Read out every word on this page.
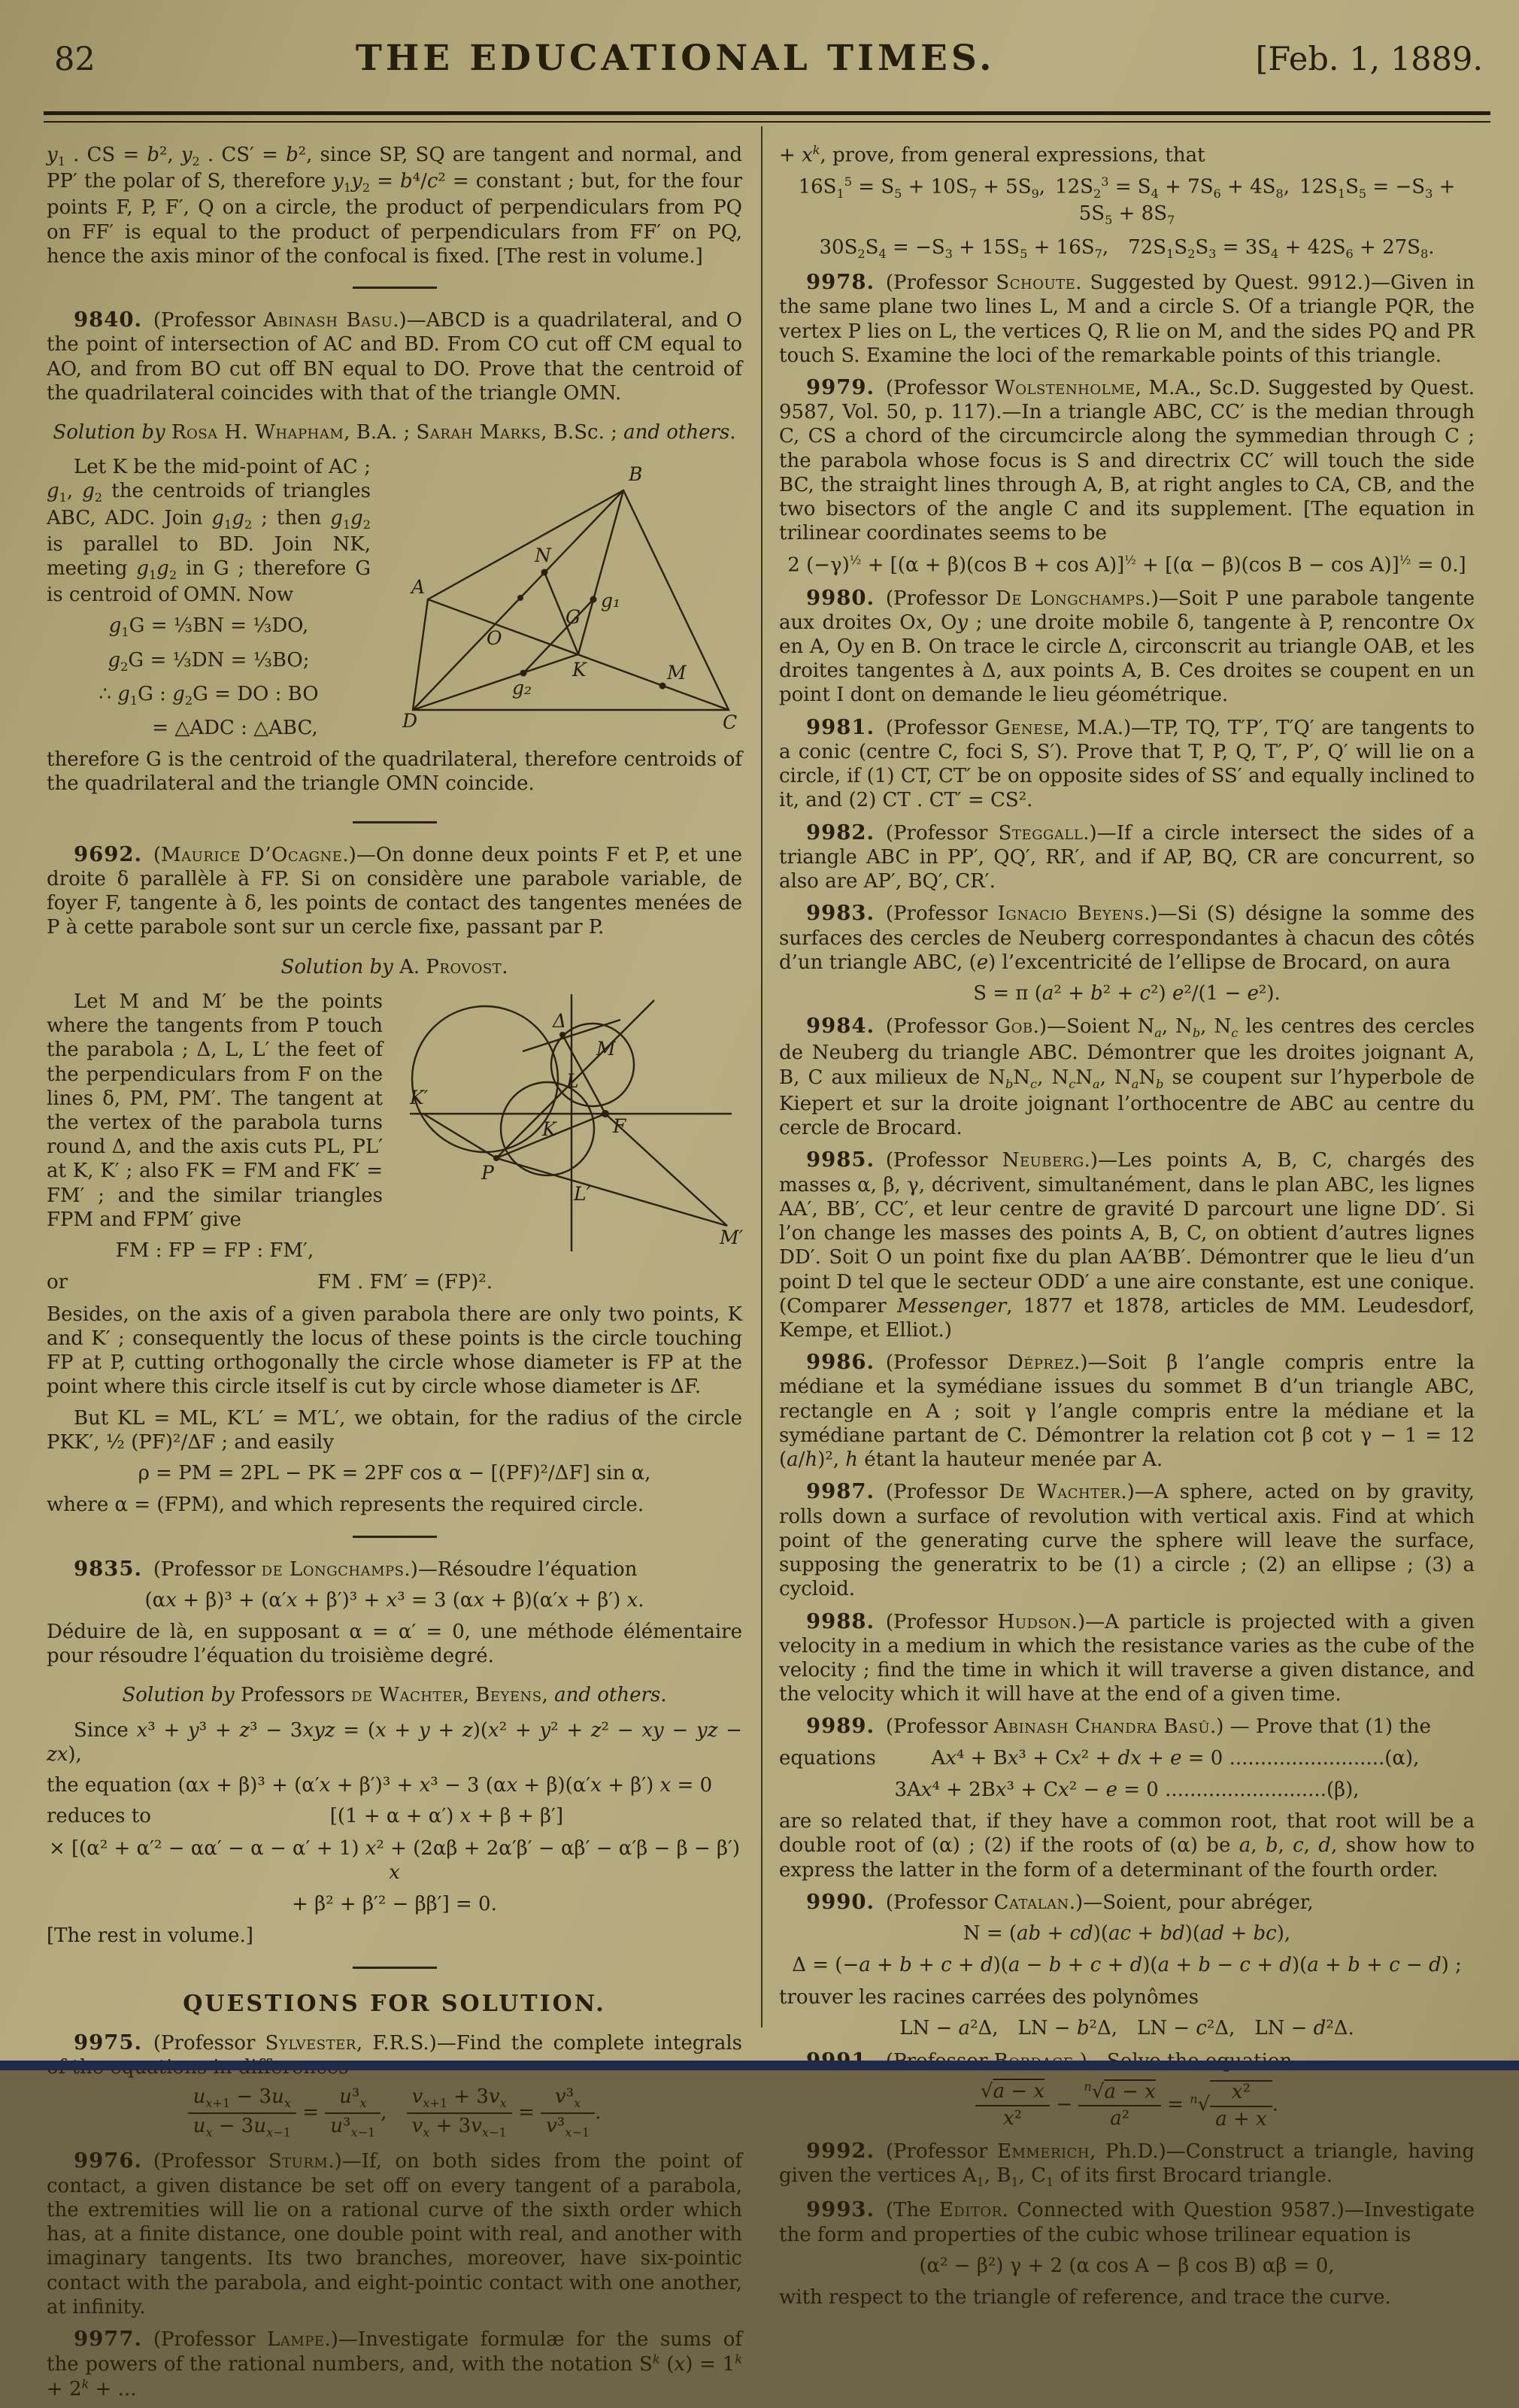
82	THE EDUCATIONAL TIMES.	[Feb. 1, 1889.

$y_1$ . CS = b², $y_2$ . CS′ = b², since SP, SQ are tangent and normal, and PP′ the polar of S, therefore $y_1y_2 = b^4/c^2$ = constant ; but, for the four points F, P, F′, Q on a circle, the product of perpendiculars from PQ on FF′ is equal to the product of perpendiculars from FF′ on PQ, hence the axis minor of the confocal is fixed. [The rest in volume.]

9840. (Professor Abinash Basu.)—ABCD is a quadrilateral, and O the point of intersection of AC and BD. From CO cut off CM equal to AO, and from BO cut off BN equal to DO. Prove that the centroid of the quadrilateral coincides with that of the triangle OMN.

Solution by Rosa H. Whapham, B.A. ; Sarah Marks, B.Sc. ; and others.

B
A
D	C
O
N
K	M
G
g₁
g₂

Let K be the mid-point of AC ; $g_1$, $g_2$ the centroids of triangles ABC, ADC. Join $g_1g_2$ ; then $g_1g_2$ is parallel to BD. Join NK, meeting $g_1g_2$ in G ; therefore G is centroid of OMN. Now

$g_1G$ = ⅓BN = ⅓DO,
$g_2G$ = ⅓DN = ⅓BO;
∴ $g_1G$ : $g_2G$ = DO : BO
= △ADC : △ABC,

therefore G is the centroid of the quadrilateral, therefore centroids of the quadrilateral and the triangle OMN coincide.

9692. (Maurice D’Ocagne.)—On donne deux points F et P, et une droite δ parallèle à FP. Si on considère une parabole variable, de foyer F, tangente à δ, les points de contact des tangentes menées de P à cette parabole sont sur un cercle fixe, passant par P.

Solution by A. Provost.

Δ
M
K′
L
K	F
P
L′
M′

Let M and M′ be the points where the tangents from P touch the parabola ; Δ, L, L′ the feet of the perpendiculars from F on the lines δ, PM, PM′. The tangent at the vertex of the parabola turns round Δ, and the axis cuts PL, PL′ at K, K′ ; also FK = FM and FK′ = FM′ ; and the similar triangles FPM and FPM′ give

FM : FP = FP : FM′,
or	FM . FM′ = (FP)².

Besides, on the axis of a given parabola there are only two points, K and K′ ; consequently the locus of these points is the circle touching FP at P, cutting orthogonally the circle whose diameter is FP at the point where this circle itself is cut by circle whose diameter is ΔF.

But KL = ML, K′L′ = M′L′, we obtain, for the radius of the circle PKK′, ½ (PF)²/ΔF ; and easily

ρ = PM = 2PL − PK = 2PF cos α − [(PF)²/ΔF] sin α,

where α = (FPM), and which represents the required circle.

9835. (Professor de Longchamps.)—Résoudre l’équation

(αx + β)³ + (α′x + β′)³ + x³ = 3 (αx + β)(α′x + β′) x.

Déduire de là, en supposant α = α′ = 0, une méthode élémentaire pour résoudre l’équation du troisième degré.

Solution by Professors de Wachter, Beyens, and others.

Since x³ + y³ + z³ − 3xyz = (x + y + z)(x² + y² + z² − xy − yz − zx),

the equation (αx + β)³ + (α′x + β′)³ + x³ − 3 (αx + β)(α′x + β′) x = 0

reduces to	[(1 + α + α′) x + β + β′]
× [(α² + α′² − αα′ − α − α′ + 1) x² + (2αβ + 2α′β′ − αβ′ − α′β − β − β′) x
+ β² + β′² − ββ′] = 0.

[The rest in volume.]

QUESTIONS FOR SOLUTION.

9975. (Professor Sylvester, F.R.S.)—Find the complete integrals

$\frac{u_{x+1} - 3u_x}{u_x - 3u_{x-1}} = \frac{u^3_x}{u^3_{x-1}}$ ,  $\frac{v_{x+1} + 3v_x}{v_x + 3v_{x-1}} = \frac{v^3_x}{v^3_{x-1}}$ .

9976. (Professor Sturm.)—If, on both sides from the point of contact, a given distance be set off on every tangent of a parabola, the extremities will lie on a rational curve of the sixth order which has, at a finite distance, one double point with real, and another with imaginary tangents. Its two branches, moreover, have six-pointic contact with the parabola, and eight-pointic contact with one another, at infinity.

9977. (Professor Lampe.)—Investigate formulæ for the sums of the powers of the rational numbers, and, with the notation $S^k$ $(x) = 1^k + 2^k$ + ...

+ $x^k$, prove, from general expressions, that

$16S_1^5 = S_5 + 10S_7 + 5S_9$, $12S_2^3 = S_4 + 7S_6 + 4S_8$, $12S_1S_5 = -S_3 + 5S_5 + 8S_7$
$30S_2S_4 = -S_3 + 15S_5 + 16S_7$, $72S_1S_2S_3 = 3S_4 + 42S_6 + 27S_8$.

9978. (Professor Schoute. Suggested by Quest. 9912.)—Given in the same plane two lines L, M and a circle S. Of a triangle PQR, the vertex P lies on L, the vertices Q, R lie on M, and the sides PQ and PR touch S. Examine the loci of the remarkable points of this triangle.

9979. (Professor Wolstenholme, M.A., Sc.D. Suggested by Quest. 9587, Vol. 50, p. 117).—In a triangle ABC, CC′ is the median through C, CS a chord of the circumcircle along the symmedian through C ; the parabola whose focus is S and directrix CC′ will touch the side BC, the straight lines through A, B, at right angles to CA, CB, and the two bisectors of the angle C and its supplement. [The equation in trilinear coordinates seems to be

2 $(-\gamma)^{\frac{1}{2}} + [(\alpha + \beta)(\cos$ B + cos A)]$^{\frac{1}{2}}$ + [(α − β)(cos B − cos A)]$^{\frac{1}{2}}$ = 0.]

9980. (Professor De Longchamps.)—Soit P une parabole tangente aux droites Ox, Oy ; une droite mobile δ, tangente à P, rencontre Ox en A, Oy en B. On trace le circle Δ, circonscrit au triangle OAB, et les droites tangentes à Δ, aux points A, B. Ces droites se coupent en un point I dont on demande le lieu géométrique.

9981. (Professor Genese, M.A.)—TP, TQ, T′P′, T′Q′ are tangents to a conic (centre C, foci S, S′). Prove that T, P, Q, T′, P′, Q′ will lie on a circle, if (1) CT, CT′ be on opposite sides of SS′ and equally inclined to it, and (2) CT . CT′ = CS².

9982. (Professor Steggall.)—If a circle intersect the sides of a triangle ABC in PP′, QQ′, RR′, and if AP, BQ, CR are concurrent, so also are AP′, BQ′, CR′.

9983. (Professor Ignacio Beyens.)—Si (S) désigne la somme des surfaces des cercles de Neuberg correspondantes à chacun des côtés d’un triangle ABC, (e) l’excentricité de l’ellipse de Brocard, on aura

S = π (a² + b² + c²) e²/(1 − e²).

9984. (Professor Gob.)—Soient $N_a$, $N_b$, $N_c$ les centres des cercles de Neuberg du triangle ABC. Démontrer que les droites joignant A, B, C aux milieux de $N_bN_c$, $N_cN_a$, $N_aN_b$ se coupent sur l’hyperbole de Kiepert et sur la droite joignant l’orthocentre de ABC au centre du cercle de Brocard.

9985. (Professor Neuberg.)—Les points A, B, C, chargés des masses α, β, γ, décrivent, simultanément, dans le plan ABC, les lignes AA′, BB′, CC′, et leur centre de gravité D parcourt une ligne DD′. Si l’on change les masses des points A, B, C, on obtient d’autres lignes DD′. Soit O un point fixe du plan AA′BB′. Démontrer que le lieu d’un point D tel que le secteur ODD′ a une aire constante, est une conique. (Comparer Messenger, 1877 et 1878, articles de MM. Leudesdorf, Kempe, et Elliot.)

9986. (Professor Déprez.)—Soit β l’angle compris entre la médiane et la symédiane issues du sommet B d’un triangle ABC, rectangle en A ; soit γ l’angle compris entre la médiane et la symédiane partant de C. Démontrer la relation cot β cot γ − 1 = 12 (a/h)², h étant la hauteur menée par A.

9987. (Professor De Wachter.)—A sphere, acted on by gravity, rolls down a surface of revolution with vertical axis. Find at which point of the generating curve the sphere will leave the surface, supposing the generatrix to be (1) a circle ; (2) an ellipse ; (3) a cycloid.

9988. (Professor Hudson.)—A particle is projected with a given velocity in a medium in which the resistance varies as the cube of the velocity ; find the time in which it will traverse a given distance, and the velocity which it will have at the end of a given time.

9989. (Professor Abinash Chandra Basû.) — Prove that (1) the

equations	Ax⁴ + Bx³ + Cx² + dx + e = 0 .........................(α),
3Ax⁴ + 2Bx³ + Cx² − e = 0 ..........................(β),

are so related that, if they have a common root, that root will be a double root of (α) ; (2) if the roots of (α) be a, b, c, d, show how to express the latter in the form of a determinant of the fourth order.

9990. (Professor Catalan.)—Soient, pour abréger,

N = (ab + cd)(ac + bd)(ad + bc),
Δ = (−a + b + c + d)(a − b + c + d)(a + b − c + d)(a + b + c − d) ;

trouver les racines carrées des polynômes

LN − a²Δ, LN − b²Δ, LN − c²Δ, LN − d²Δ.

$\frac{√a - x}{\text{x²}} - \frac{^n√a - x}{\text{a²}} = ^n√ \frac{\text{x²}}{a + x}$ .

9992. (Professor Emmerich, Ph.D.)—Construct a triangle, having given the vertices $A_1$, $B_1$, $C_1$ of its first Brocard triangle.

9993. (The Editor. Connected with Question 9587.)—Investigate the form and properties of the cubic whose trilinear equation is

(α² − β²) γ + 2 (α cos A − β cos B) αβ = 0,

with respect to the triangle of reference, and trace the curve.
